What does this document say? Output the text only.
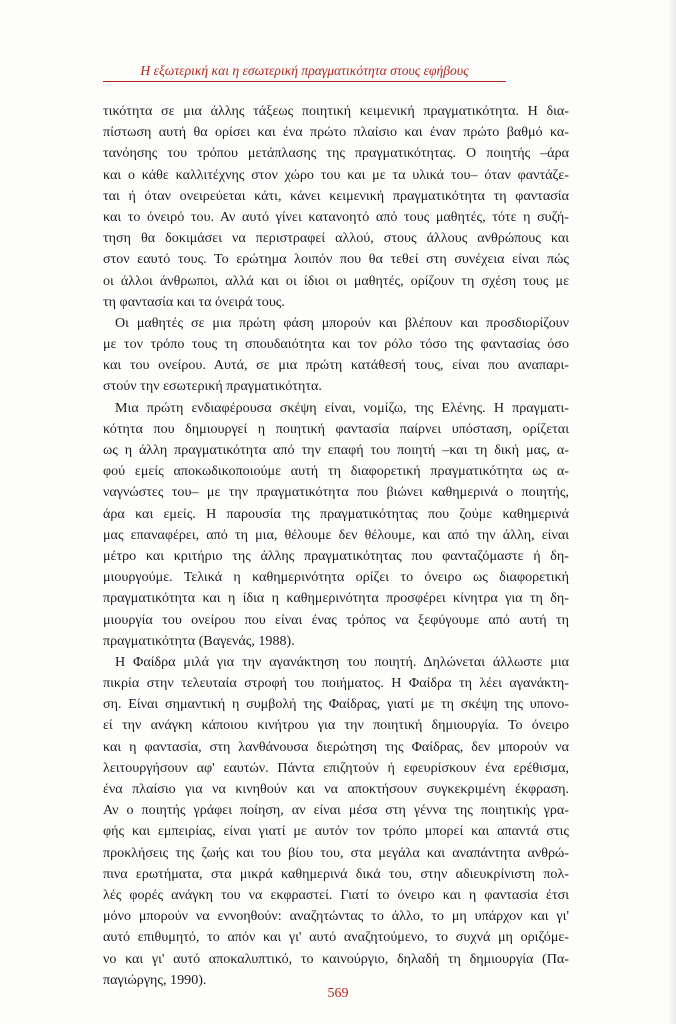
Η εξωτερική και η εσωτερική πραγματικότητα στους εφήβους
τικότητα σε μια άλλης τάξεως ποιητική κειμενική πραγματικότητα. Η δια-
πίστωση αυτή θα ορίσει και ένα πρώτο πλαίσιο και έναν πρώτο βαθμό κα-
τανόησης του τρόπου μετάπλασης της πραγματικότητας. Ο ποιητής –άρα
και ο κάθε καλλιτέχνης στον χώρο του και με τα υλικά του– όταν φαντάζε-
ται ή όταν ονειρεύεται κάτι, κάνει κειμενική πραγματικότητα τη φαντασία
και το όνειρό του. Αν αυτό γίνει κατανοητό από τους μαθητές, τότε η συζή-
τηση θα δοκιμάσει να περιστραφεί αλλού, στους άλλους ανθρώπους και
στον εαυτό τους. Το ερώτημα λοιπόν που θα τεθεί στη συνέχεια είναι πώς
οι άλλοι άνθρωποι, αλλά και οι ίδιοι οι μαθητές, ορίζουν τη σχέση τους με
τη φαντασία και τα όνειρά τους.
Οι μαθητές σε μια πρώτη φάση μπορούν και βλέπουν και προσδιορίζουν
με τον τρόπο τους τη σπουδαιότητα και τον ρόλο τόσο της φαντασίας όσο
και του ονείρου. Αυτά, σε μια πρώτη κατάθεσή τους, είναι που αναπαρι-
στούν την εσωτερική πραγματικότητα.
Μια πρώτη ενδιαφέρουσα σκέψη είναι, νομίζω, της Ελένης. Η πραγματι-
κότητα που δημιουργεί η ποιητική φαντασία παίρνει υπόσταση, ορίζεται
ως η άλλη πραγματικότητα από την επαφή του ποιητή –και τη δική μας, α-
φού εμείς αποκωδικοποιούμε αυτή τη διαφορετική πραγματικότητα ως α-
ναγνώστες του– με την πραγματικότητα που βιώνει καθημερινά ο ποιητής,
άρα και εμείς. Η παρουσία της πραγματικότητας που ζούμε καθημερινά
μας επαναφέρει, από τη μια, θέλουμε δεν θέλουμε, και από την άλλη, είναι
μέτρο και κριτήριο της άλλης πραγματικότητας που φανταζόμαστε ή δη-
μιουργούμε. Τελικά η καθημερινότητα ορίζει το όνειρο ως διαφορετική
πραγματικότητα και η ίδια η καθημερινότητα προσφέρει κίνητρα για τη δη-
μιουργία του ονείρου που είναι ένας τρόπος να ξεφύγουμε από αυτή τη
πραγματικότητα (Βαγενάς, 1988).
Η Φαίδρα μιλά για την αγανάκτηση του ποιητή. Δηλώνεται άλλωστε μια
πικρία στην τελευταία στροφή του ποιήματος. Η Φαίδρα τη λέει αγανάκτη-
ση. Είναι σημαντική η συμβολή της Φαίδρας, γιατί με τη σκέψη της υπονο-
εί την ανάγκη κάποιου κινήτρου για την ποιητική δημιουργία. Το όνειρο
και η φαντασία, στη λανθάνουσα διερώτηση της Φαίδρας, δεν μπορούν να
λειτουργήσουν αφ' εαυτών. Πάντα επιζητούν ή εφευρίσκουν ένα ερέθισμα,
ένα πλαίσιο για να κινηθούν και να αποκτήσουν συγκεκριμένη έκφραση.
Αν ο ποιητής γράφει ποίηση, αν είναι μέσα στη γέννα της ποιητικής γρα-
φής και εμπειρίας, είναι γιατί με αυτόν τον τρόπο μπορεί και απαντά στις
προκλήσεις της ζωής και του βίου του, στα μεγάλα και αναπάντητα ανθρώ-
πινα ερωτήματα, στα μικρά καθημερινά δικά του, στην αδιευκρίνιστη πολ-
λές φορές ανάγκη του να εκφραστεί. Γιατί το όνειρο και η φαντασία έτσι
μόνο μπορούν να εννοηθούν: αναζητώντας το άλλο, το μη υπάρχον και γι'
αυτό επιθυμητό, το απόν και γι' αυτό αναζητούμενο, το συχνά μη οριζόμε-
νο και γι' αυτό αποκαλυπτικό, το καινούργιο, δηλαδή τη δημιουργία (Πα-
παγιώργης, 1990).
569
